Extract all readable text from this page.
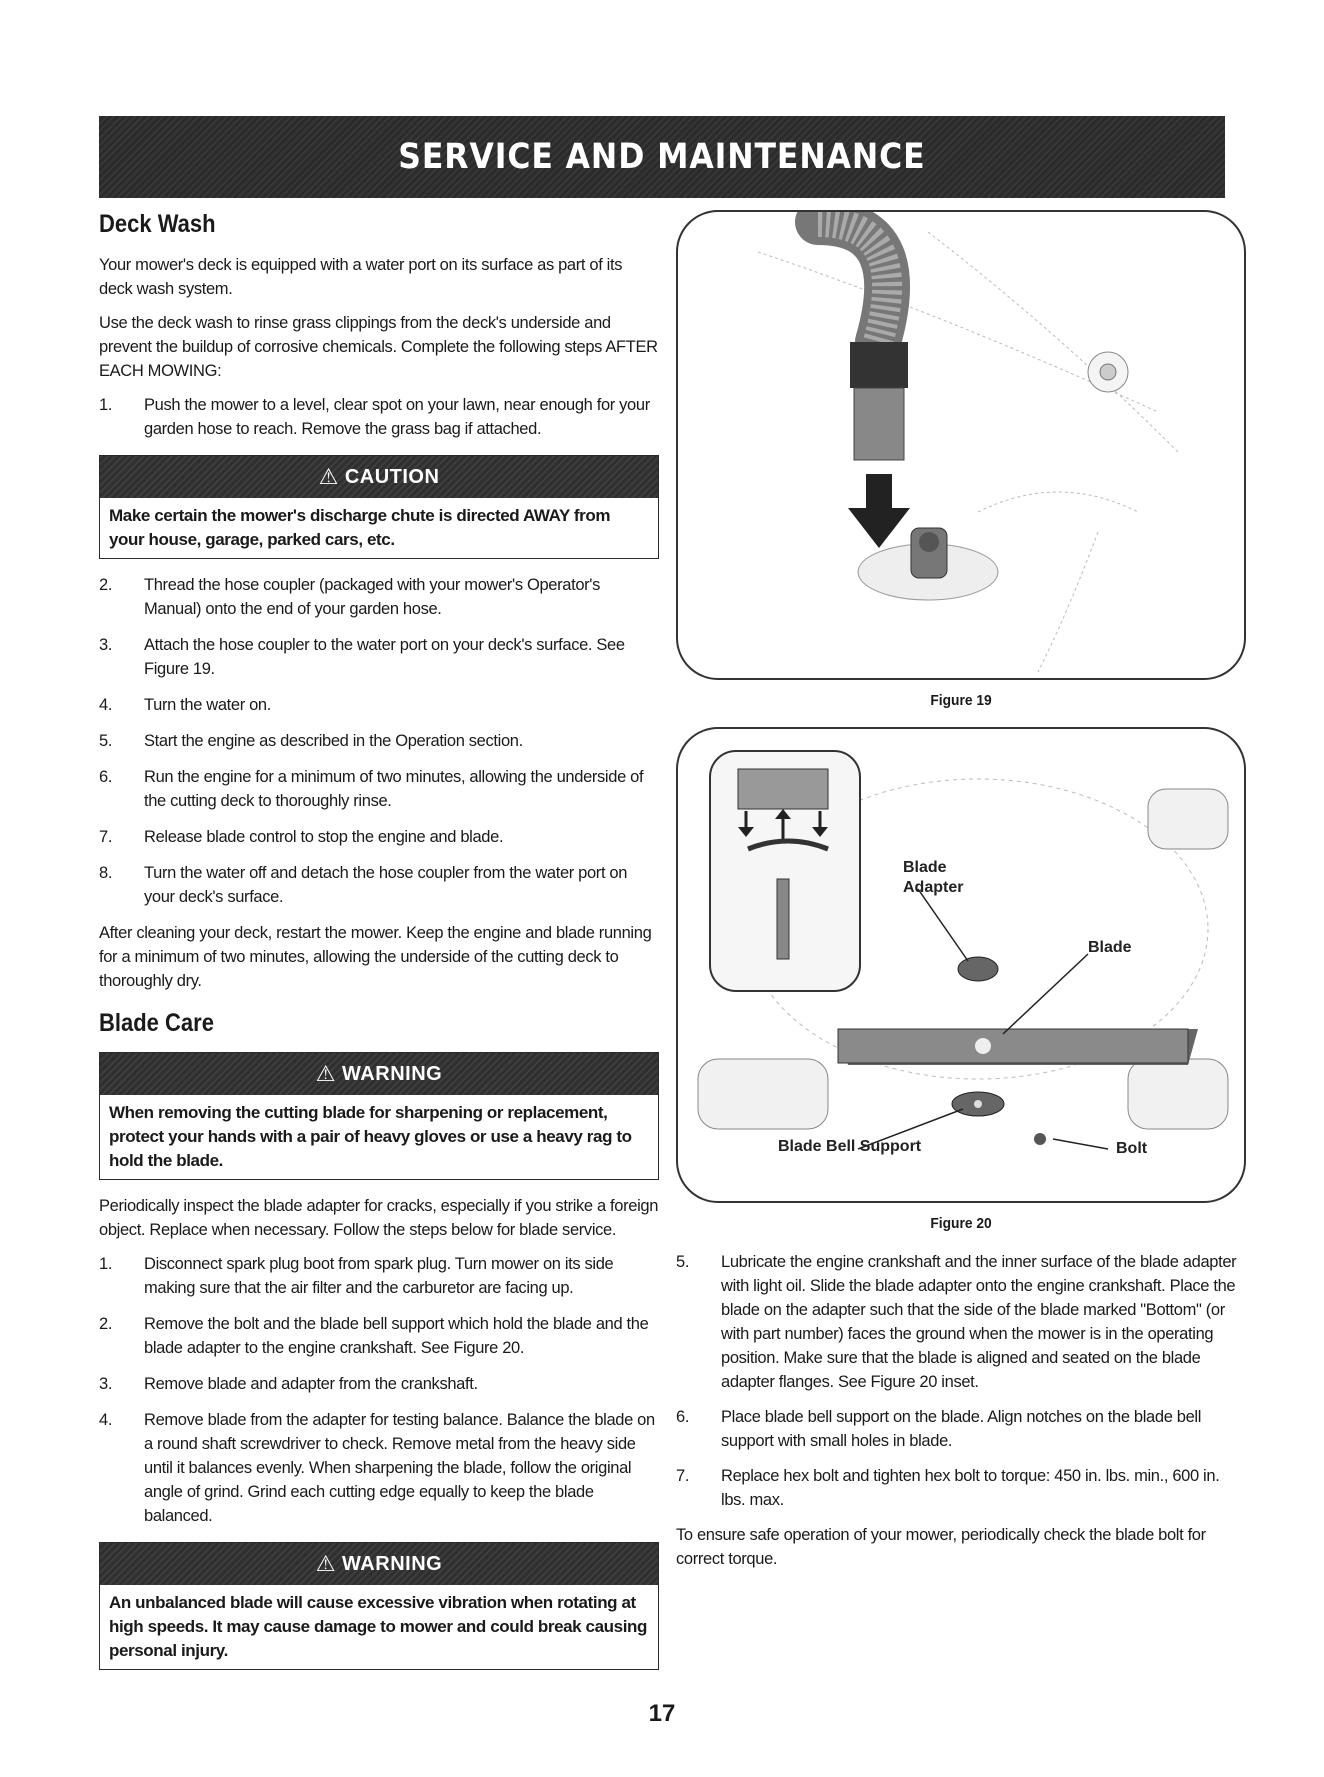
SERVICE AND MAINTENANCE
Deck Wash

Your mower's deck is equipped with a water port on its surface as part of its deck wash system.

Use the deck wash to rinse grass clippings from the deck's underside and prevent the buildup of corrosive chemicals. Complete the following steps AFTER EACH MOWING:

1.	Push the mower to a level, clear spot on your lawn, near enough for your garden hose to reach. Remove the grass bag if attached.
⚠ CAUTION
Make certain the mower's discharge chute is directed AWAY from your house, garage, parked cars, etc.
2.	Thread the hose coupler (packaged with your mower's Operator's Manual) onto the end of your garden hose.
3.	Attach the hose coupler to the water port on your deck's surface. See Figure 19.
4.	Turn the water on.
5.	Start the engine as described in the Operation section.
6.	Run the engine for a minimum of two minutes, allowing the underside of the cutting deck to thoroughly rinse.
7.	Release blade control to stop the engine and blade.
8.	Turn the water off and detach the hose coupler from the water port on your deck's surface.

After cleaning your deck, restart the mower. Keep the engine and blade running for a minimum of two minutes, allowing the underside of the cutting deck to thoroughly dry.

Blade Care
⚠ WARNING
When removing the cutting blade for sharpening or replacement, protect your hands with a pair of heavy gloves or use a heavy rag to hold the blade.

Periodically inspect the blade adapter for cracks, especially if you strike a foreign object. Replace when necessary. Follow the steps below for blade service.

1.	Disconnect spark plug boot from spark plug. Turn mower on its side making sure that the air filter and the carburetor are facing up.
2.	Remove the bolt and the blade bell support which hold the blade and the blade adapter to the engine crankshaft. See Figure 20.
3.	Remove blade and adapter from the crankshaft.
4.	Remove blade from the adapter for testing balance. Balance the blade on a round shaft screwdriver to check. Remove metal from the heavy side until it balances evenly. When sharpening the blade, follow the original angle of grind. Grind each cutting edge equally to keep the blade balanced.
⚠ WARNING
An unbalanced blade will cause excessive vibration when rotating at high speeds. It may cause damage to mower and could break causing personal injury.
Figure 19
Blade
Adapter
Blade
Blade Bell Support	Bolt
Figure 20
5.	Lubricate the engine crankshaft and the inner surface of the blade adapter with light oil. Slide the blade adapter onto the engine crankshaft. Place the blade on the adapter such that the side of the blade marked "Bottom" (or with part number) faces the ground when the mower is in the operating position. Make sure that the blade is aligned and seated on the blade adapter flanges. See Figure 20 inset.
6.	Place blade bell support on the blade. Align notches on the blade bell support with small holes in blade.
7.	Replace hex bolt and tighten hex bolt to torque: 450 in. lbs. min., 600 in. lbs. max.

To ensure safe operation of your mower, periodically check the blade bolt for correct torque.

17
